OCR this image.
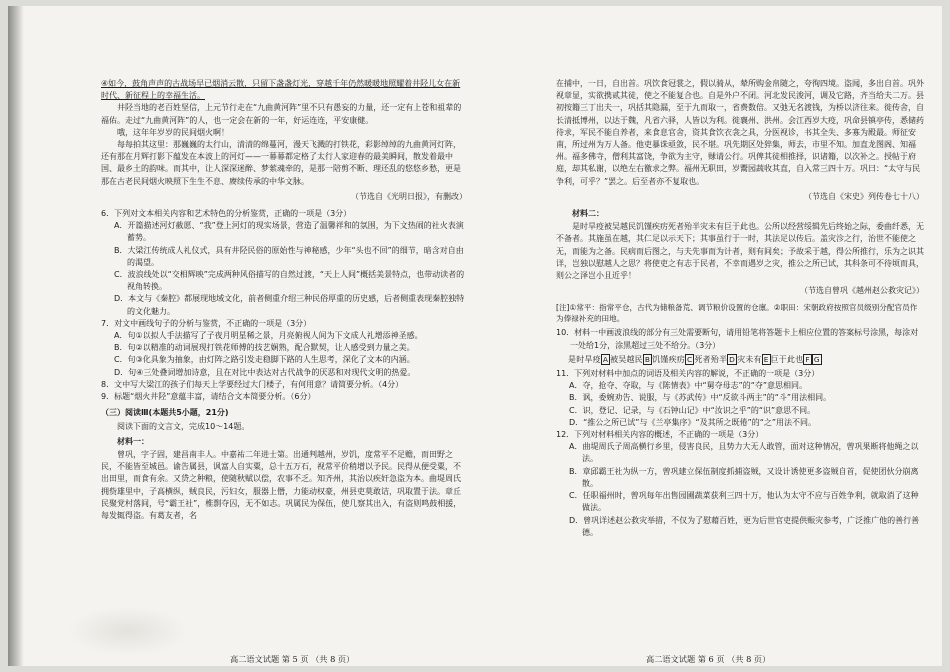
④如今，鼓角声声的古战场早已烟消云散，只留下盏盏灯光，穿越千年仍然暖暖地照耀着井陉儿女在新时代、新征程上的幸福生活。

井陉当地的老百姓坚信，上元节行走在“九曲黄河阵”里不只有愚妄的力量，还一定有上苍和祖辈的福佑。走过“九曲黄河阵”的人，也一定会在新的一年，好运连连，平安康健。

哦，这年年岁岁的民间烟火啊！

每每拍其这里：那巍巍的太行山，清清的绵蔓河，漫天飞溅的打铁花，彩影绰绰的九曲黄河灯阵，还有那在月辉打影下蕴发在本波上的河灯——一幕幕都定格了太行人家迎春的最美瞬间，散发着最中国、最乡土的韵味。而其中，让人深深迷醉、梦萦魂牵的，是那一陪剪不断、理还乱的悠悠乡愁，更是那在古老民间烟火映照下生生不息、赓续传承的中华文脉。

（节选自《光明日报》，有删改）

6．下列对文本相关内容和艺术特色的分析鉴赏，正确的一项是（3分）

A．开篇描述河灯截愿、“我”登上河灯的现实场景，营造了温馨祥和的氛围，为下文热闹的社火表演蓄势。

B．大梁江传统成人礼仪式，具有井陉民俗的原始性与神秘感，少年“头也不回”的细节，暗含对自由的渴望。

C．波浪线处以“交相辉映”完成两种风俗描写的自然过渡，“天上人间”概括美景特点，也带动读者的视角转换。

D．本文与《秦腔》都展现地域文化，前者侧重介绍三种民俗厚重的历史感，后者侧重表现秦腔独特的文化魅力。

7．对文中画线句子的分析与鉴赏，不正确的一项是（3分）

A．句①以拟人手法描写了子夜月明星稀之景，月亮俯视人间为下文成人礼增添神圣感。

B．句②以精准的动词展现打铁花师傅的技艺娴熟，配合默契，让人感受到力量之美。

C．句③化具象为抽象，由灯阵之路引发走稳脚下路的人生思考，深化了文本的内涵。

D．句④三处叠词增加诗意，且在对比中表达对古代战争的厌恶和对现代文明的热爱。

8．文中写大梁江的孩子们每天上学要经过大门楼子，有何用意？请简要分析。（4分）

9．标题“烟火井陉”意蕴丰富，请结合文本简要分析。（6分）

（三）阅读Ⅲ(本题共5小题，21分)

阅读下面的文言文，完成10～14题。

材料一：

曾巩，字子固，建昌南丰人。中嘉祐二年进士第。出通判越州，岁饥，度常平不足赡，而田野之民，不能皆至城邑。谕告属县，讽富人自实粟，总十五万石，视常平价稍增以予民。民得从便受粟，不出田里，而食有余。又贷之种粮，使随秋赋以偿，农事不乏。知齐州，其治以疾奸急盗为本。曲堤周氏拥赀雄里中，子高横纵，贼良民，污妇女，服器上僭，力能动权豪，州县吏莫敢诘，巩取置于法。章丘民聚党村落间，号“霸王社”，椎剽夺囚，无不如志。巩属民为保伍，使几察其出入，有盗则鸣鼓相援，每发辄得盗。有葛友者，名

高二语文试题 第 5 页 （共 8 页）

在捕中，一日，自出首。巩饮食冠裳之，假以骑从，辇所购金帛随之，夸徇四境。盗闻，多出自首。巩外视章显，实欲携贰其徒，使之不能复合也。自是外户不闭。河北发民浚河，调及它路，齐当给夫二万。县初按籍三丁出夫一，巩括其隐漏，至于九而取一，省费数倍。又弛无名渡钱，为桥以济往来。徙传舍，自长清抵博州，以达于魏，凡省六驿，人皆以为利。徙襄州、洪州。会江西岁大疫，巩命县镇亭传，悉储药待求，军民不能自养者，来食息官舍，资其食饮衣衾之具，分医视诊，书其全失、多寡为殿最。师征安南，所过州为万人备。他吏暴诛亟敛，民不堪。巩先期区处猝集，师去，市里不知。加直龙图阁、知福州。福多佛寺，僧利其富饶，争欲为主守，赇请公行。巩俾其徒相推择，识诸籍，以次补之。授帖于府庭，却其私谢，以绝左右徼求之弊。福州无职田，岁鬻园蔬收其直，自入常三四十万。巩曰：“太守与民争利，可乎？”罢之。后至者亦不复取也。

（节选自《宋史》列传卷七十八）

材料二：

是时旱疫被吴越民饥馑疾疠死者殆半灾未有巨于此也。公所以经营绥辑先后终始之际，委曲纤悉，无不备者。其施虽在越，其仁足以示天下；其事虽行于一时，其法足以传后。盖灾沴之行，治世不能使之无，而能为之备。民病而后图之，与夫先事而为计者，则有间矣；予故采于越，得公所推行，乐为之识其详，岂独以慰越人之思？将使吏之有志于民者，不幸而遇岁之灾，推公之所已试，其科条可不待顷而具，则公之泽岂小且近乎！

（节选自曾巩《越州赵公救灾记》）

[注]①常平：指常平仓，古代为储粮备荒、调节粮价设置的仓廪。②职田：宋朝政府按照官员级别分配官员作为俸禄补充的田地。

10．材料一中画波浪线的部分有三处需要断句，请用铅笔将答题卡上相应位置的答案标号涂黑，每涂对一处给1分，涂黑超过三处不给分。（3分）

是时旱疫 A 被吴越民 B 饥馑疾疠 C 死者殆半 D 灾未有 E 巨于此也 F G

11．下列对材料中加点的词语及相关内容的解说，不正确的一项是（3分）

A．夺，抢夺、夺取，与《陈情表》中“舅夺母志”的“夺”意思相同。

B．讽，委婉劝告、说服，与《苏武传》中“反欲斗两主”的“斗”用法相同。

C．识，登记、记录，与《石钟山记》中“汝识之乎”的“识”意思不同。

D．“推公之所已试”与《兰亭集序》“及其所之既倦”的“之”用法不同。

12．下列对材料相关内容的概述，不正确的一项是（3分）

A．曲堤周氏子周高横行乡里，侵害良民，且势力大无人敢管，面对这种情况，曾巩果断将他绳之以法。

B．章邱霸王社为纵一方，曾巩建立保伍制度抓捕盗贼，又设计诱使更多盗贼自首，促使团伙分崩离散。

C．任职福州时，曾巩每年出售园圃蔬菜获利三四十万，他认为太守不应与百姓争利，就取消了这种做法。

D．曾巩详述赵公救灾举措，不仅为了慰藉百姓，更为后世官吏提供赈灾参考，广泛推广他的善行善德。

高二语文试题 第 6 页 （共 8 页）
